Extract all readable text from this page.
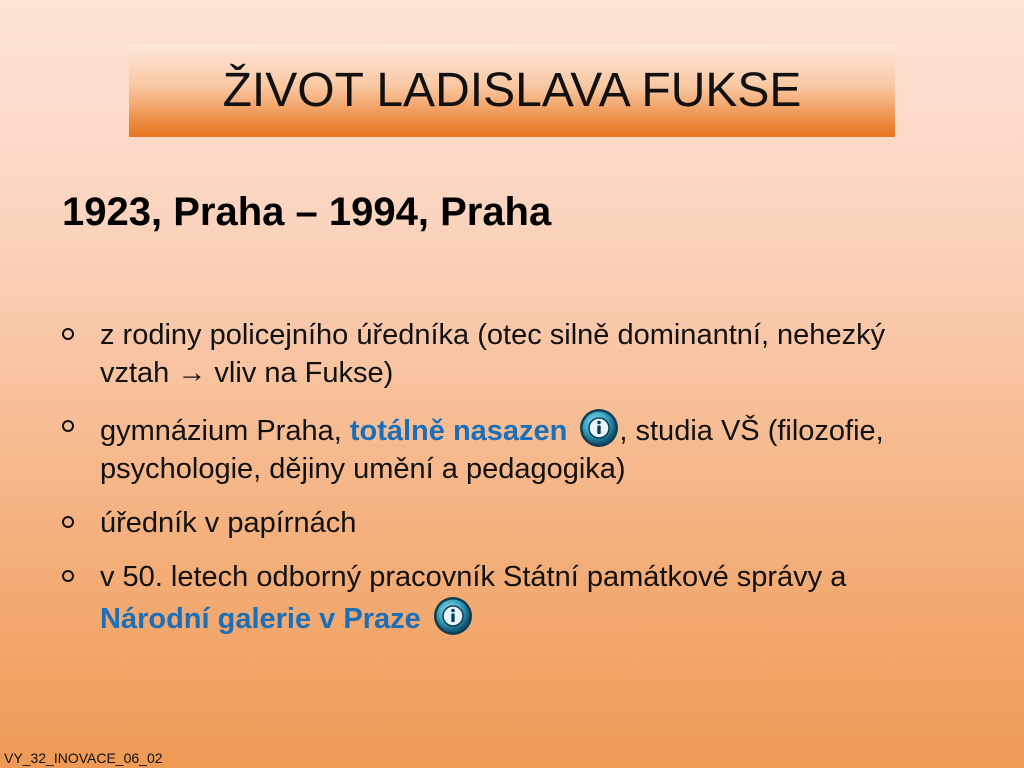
ŽIVOT LADISLAVA FUKSE
1923, Praha – 1994, Praha
z rodiny policejního úředníka (otec silně dominantní, nehezký vztah → vliv na Fukse)
gymnázium Praha, totálně nasazen , studia VŠ (filozofie, psychologie, dějiny umění a pedagogika)
úředník v papírnách
v 50. letech odborný pracovník Státní památkové správy a Národní galerie v Praze
VY_32_INOVACE_06_02
